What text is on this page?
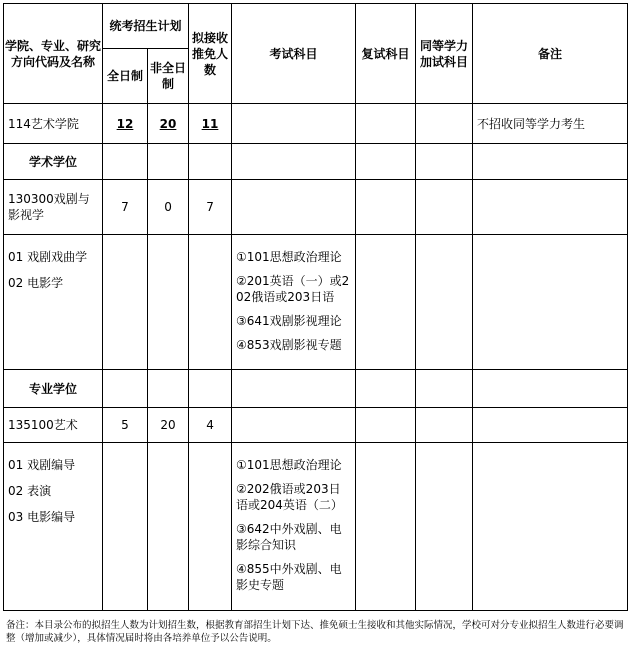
学院、专业、研究方向代码及名称	统考招生计划		拟接收推免人数	考试科目	复试科目	同等学力加试科目	备注
	全日制	非全日制					
114艺术学院	12	20	11				不招收同等学力考生
学术学位							
130300戏剧与影视学	7	0	7				

01 戏剧戏曲学
02 电影学				①101思想政治理论
②201英语（一）或202俄语或203日语
③641戏剧影视理论
④853戏剧影视专题			

专业学位							
135100艺术	5	20	4				

01 戏剧编导
02 表演
03 电影编导				①101思想政治理论
②202俄语或203日语或204英语（二）
③642中外戏剧、电影综合知识
④855中外戏剧、电影史专题			

备注：本目录公布的拟招生人数为计划招生数，根据教育部招生计划下达、推免硕士生接收和其他实际情况，学校可对分专业拟招生人数进行必要调整（增加或减少），具体情况届时将由各培养单位予以公告说明。
